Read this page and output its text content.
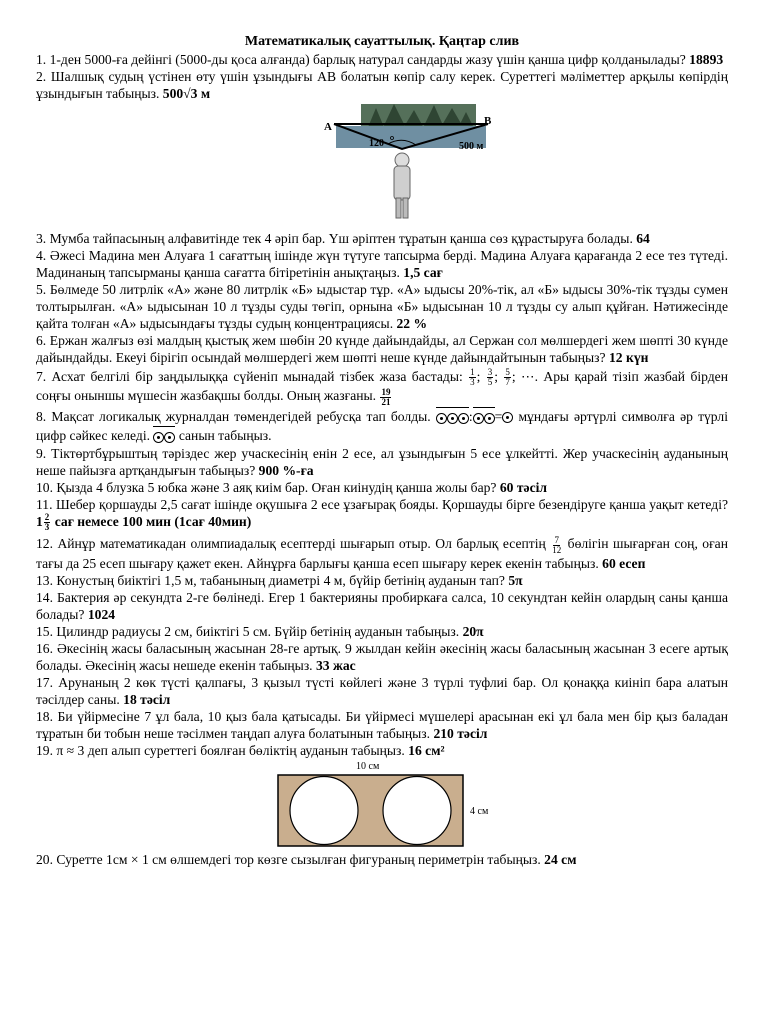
Математикалық сауаттылық. Қаңтар слив
1. 1-ден 5000-ға дейінгі (5000-ды қоса алғанда) барлық натурал сандарды жазу үшін қанша цифр қолданылады? 18893
2. Шалшық судың үстінен өту үшін ұзындығы АВ болатын көпір салу керек. Суреттегі мәліметтер арқылы көпірдің ұзындығын табыңыз. 500√3 м
A	B
120	500 м
3. Мумба тайпасының алфавитінде тек 4 әріп бар. Үш әріптен тұратын қанша сөз құрастыруға болады. 64
4. Әжесі Мадина мен Алуаға 1 сағаттың ішінде жүн түтуге тапсырма берді. Мадина Алуаға қарағанда 2 есе тез түтеді. Мадинаның тапсырманы қанша сағатта бітіретінін анықтаңыз. 1,5 сағ
5. Бөлмеде 50 литрлік «А» және 80 литрлік «Б» ыдыстар тұр. «А» ыдысы 20%-тік, ал «Б» ыдысы 30%-тік тұзды сумен толтырылған. «А» ыдысынан 10 л тұзды суды төгіп, орнына «Б» ыдысынан 10 л тұзды су алып құйған. Нәтижесінде қайта толған «А» ыдысындағы тұзды судың концентрациясы. 22 %
6. Ержан жалғыз өзі малдың қыстық жем шөбін 20 күнде дайындайды, ал Сержан сол мөлшердегі жем шөпті 30 күнде дайындайды. Екеуі бірігіп осындай мөлшердегі жем шөпті неше күнде дайындайтынын табыңыз? 12 күн
7. Асхат белгілі бір заңдылыққа сүйеніп мынадай тізбек жаза бастады: $\frac{1}{3}$ ; $\frac{3}{5}$ ; $\frac{5}{7}$ ; ⋯. Ары қарай тізіп жазбай бірден соңғы оныншы мүшесін жазбақшы болды. Оның жазғаны. $\frac{19}{21}$
8. Мақсат логикалық журналдан төмендегідей ребусқа тап болды.	: = мұндағы әртүрлі символға әр түрлі цифр сәйкес келеді. санын табыңыз.
9. Тіктөртбұрыштың тәріздес жер учаскесінің енін 2 есе, ал ұзындығын 5 есе ұлкейтті. Жер учаскесінің ауданының неше пайызға артқандығын табыңыз? 900 %-ға
10. Қызда 4 блузка 5 юбка және 3 аяқ киім бар. Оған киінудің қанша жолы бар? 60 тәсіл
11. Шебер қоршауды 2,5 сағат ішінде оқушыға 2 есе ұзағырақ бояды. Қоршауды бірге безендіруге қанша уақыт кетеді? $1 \frac{2}{3}$ сағ немесе 100 мин (1сағ 40мин)
12. Айнұр математикадан олимпиадалық есептерді шығарып отыр. Ол барлық есептің $\frac{7}{12}$ бөлігін шығарған соң, оған тағы да 25 есеп шығару қажет екен. Айнұрға барлығы қанша есеп шығару керек екенін табыңыз. 60 есеп
13. Конустың биіктігі 1,5 м, табанының диаметрі 4 м, бүйір бетінің ауданын тап? 5π
14. Бактерия әр секундта 2-ге бөлінеді. Егер 1 бактерияны пробиркаға салса, 10 секундтан кейін олардың саны қанша болады? 1024
15. Цилиндр радиусы 2 см, биіктігі 5 см. Бүйір бетінің ауданын табыңыз. 20π
16. Әкесінің жасы баласының жасынан 28-ге артық. 9 жылдан кейін әкесінің жасы баласының жасынан 3 есеге артық болады. Әкесінің жасы нешеде екенін табыңыз. 33 жас
17. Арунаның 2 көк түсті қалпағы, 3 қызыл түсті көйлегі және 3 түрлі туфлиі бар. Ол қонаққа киініп бара алатын тәсілдер саны. 18 тәсіл
18. Би үйірмесіне 7 ұл бала, 10 қыз бала қатысады. Би үйірмесі мүшелері арасынан екі ұл бала мен бір қыз баладан тұратын би тобын неше тәсілмен таңдап алуға болатынын табыңыз. 210 тәсіл
19. π ≈ 3 деп алып суреттегі боялған бөліктің ауданын табыңыз. 16 см²
10 см
4 см
20. Суретте 1см × 1 см өлшемдегі тор көзге сызылған фигураның периметрін табыңыз. 24 см
